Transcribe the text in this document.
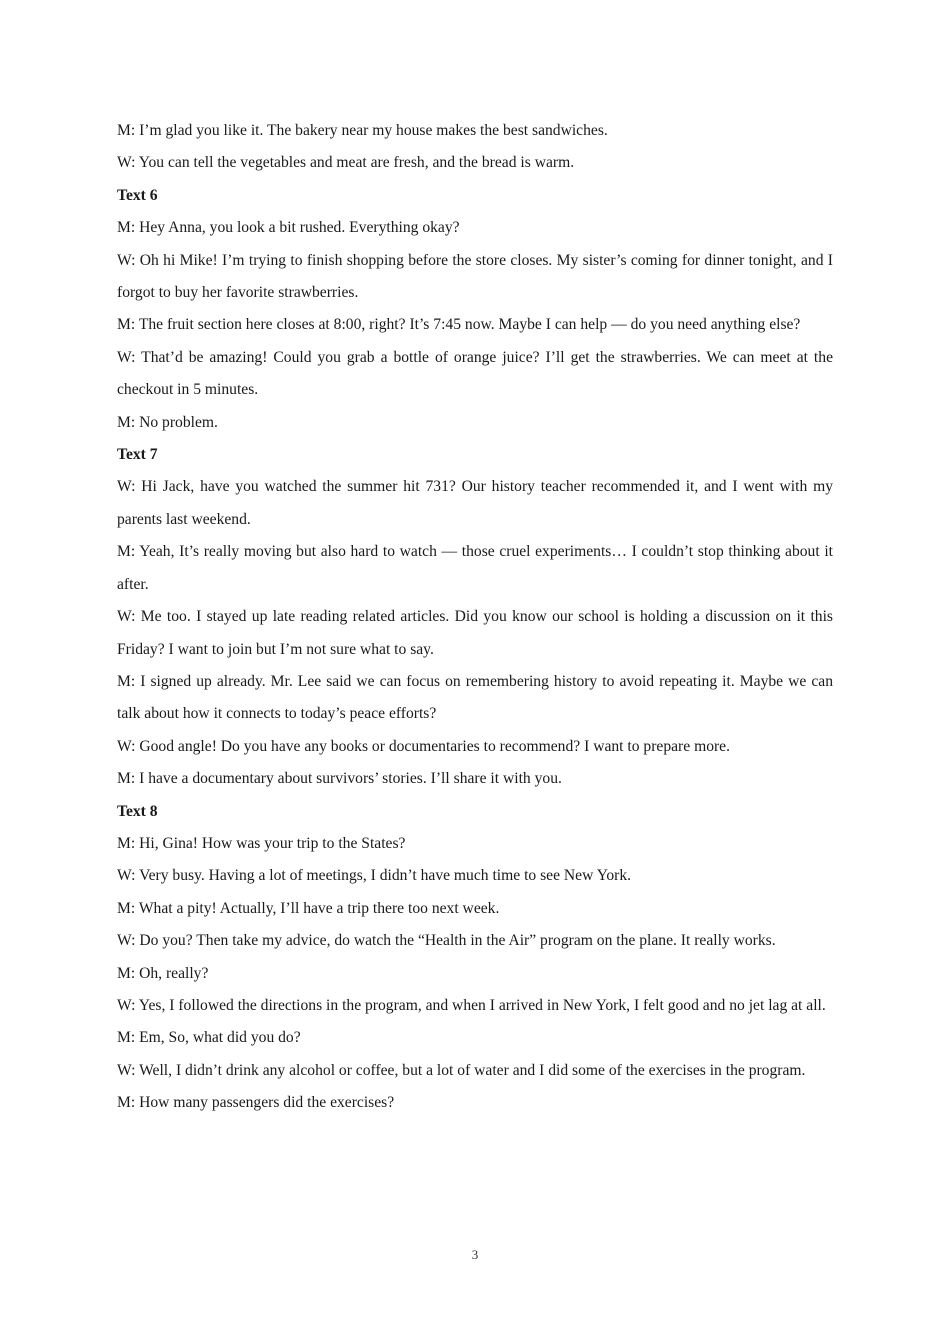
M: I’m glad you like it. The bakery near my house makes the best sandwiches.

W: You can tell the vegetables and meat are fresh, and the bread is warm.

Text 6

M: Hey Anna, you look a bit rushed. Everything okay?

W: Oh hi Mike! I’m trying to finish shopping before the store closes. My sister’s coming for dinner tonight, and I forgot to buy her favorite strawberries.

M: The fruit section here closes at 8:00, right? It’s 7:45 now. Maybe I can help — do you need anything else?

W: That’d be amazing! Could you grab a bottle of orange juice? I’ll get the strawberries. We can meet at the checkout in 5 minutes.

M: No problem.

Text 7

W: Hi Jack, have you watched the summer hit 731? Our history teacher recommended it, and I went with my parents last weekend.

M: Yeah, It’s really moving but also hard to watch — those cruel experiments… I couldn’t stop thinking about it after.

W: Me too. I stayed up late reading related articles. Did you know our school is holding a discussion on it this Friday? I want to join but I’m not sure what to say.

M: I signed up already. Mr. Lee said we can focus on remembering history to avoid repeating it. Maybe we can talk about how it connects to today’s peace efforts?

W: Good angle! Do you have any books or documentaries to recommend? I want to prepare more.

M: I have a documentary about survivors’ stories. I’ll share it with you.

Text 8

M: Hi, Gina! How was your trip to the States?

W: Very busy. Having a lot of meetings, I didn’t have much time to see New York.

M: What a pity! Actually, I’ll have a trip there too next week.

W: Do you? Then take my advice, do watch the “Health in the Air” program on the plane. It really works.

M: Oh, really?

W: Yes, I followed the directions in the program, and when I arrived in New York, I felt good and no jet lag at all.

M: Em, So, what did you do?

W: Well, I didn’t drink any alcohol or coffee, but a lot of water and I did some of the exercises in the program.

M: How many passengers did the exercises?

3
